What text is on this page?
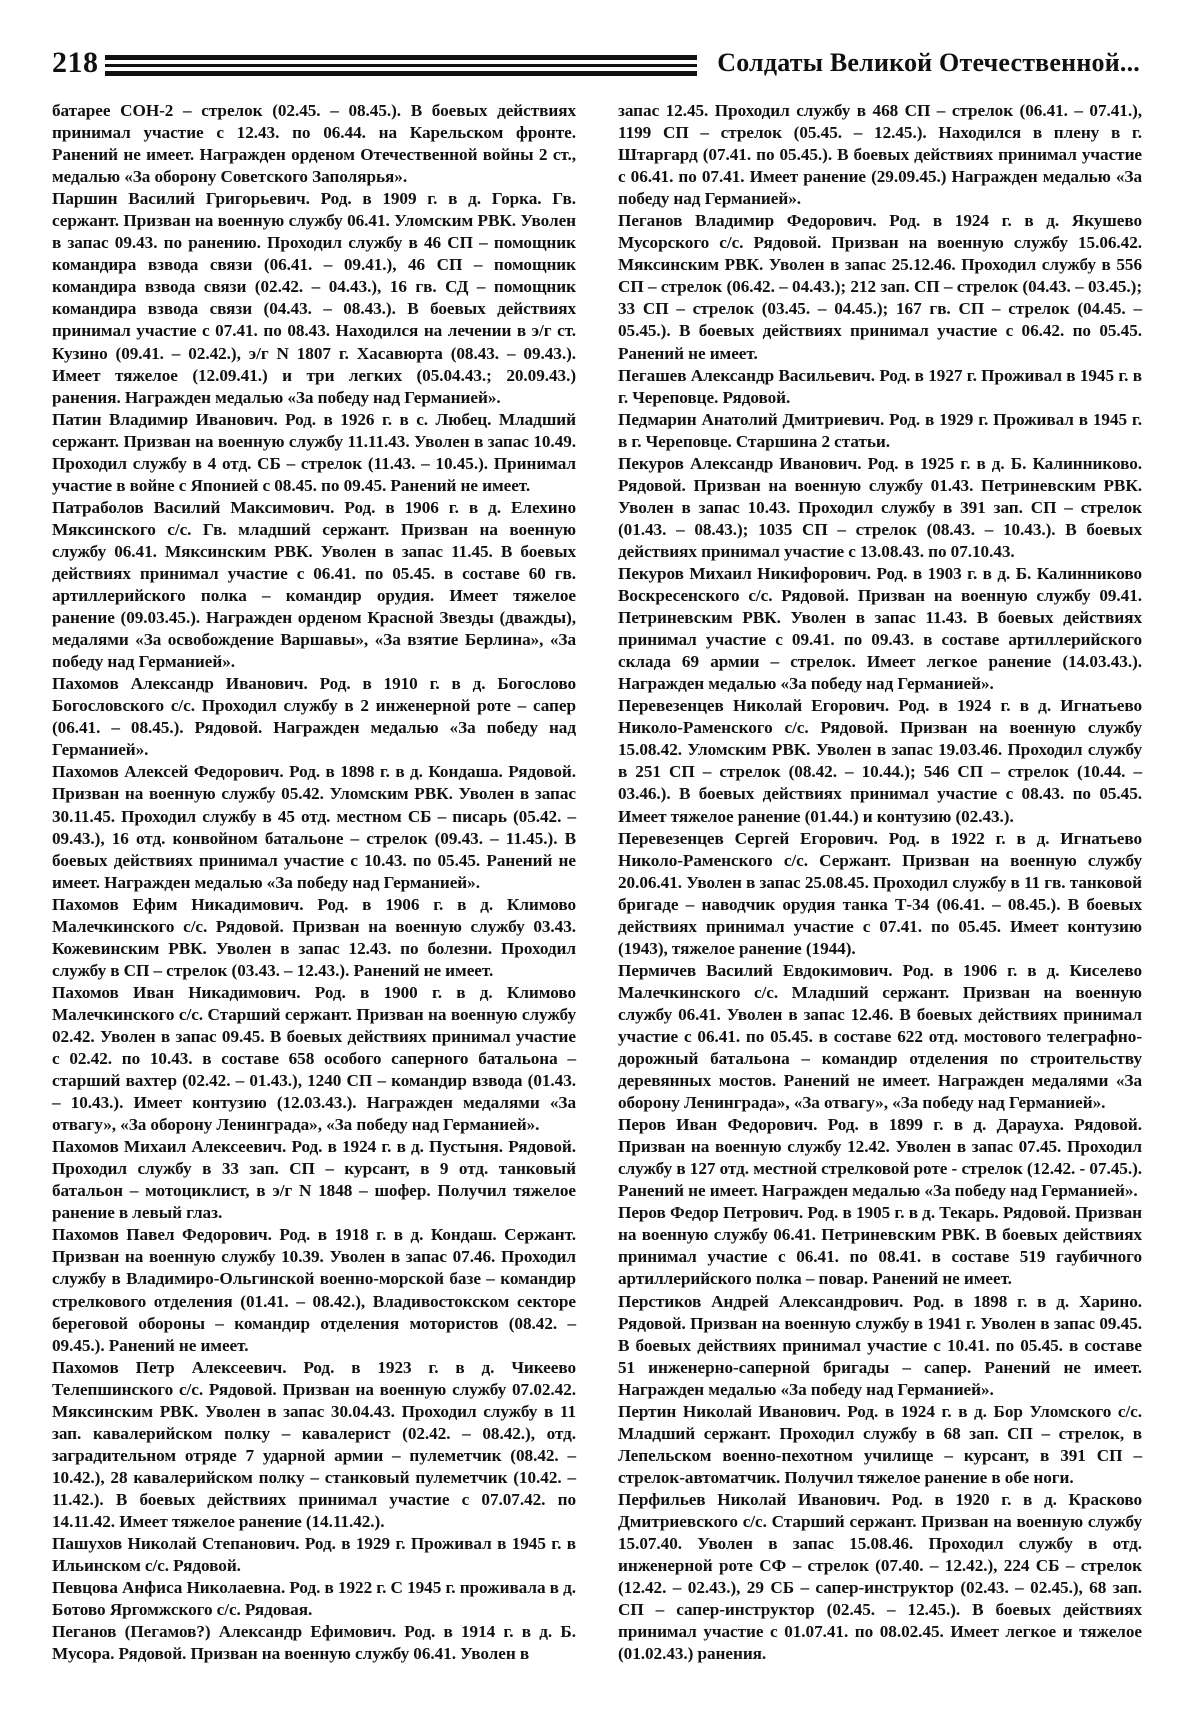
218	Солдаты Великой Отечественной...

батарее СОН-2 – стрелок (02.45. – 08.45.). В боевых действиях принимал участие с 12.43. по 06.44. на Карельском фронте. Ранений не имеет. Награжден орденом Отечественной войны 2 ст., медалью «За оборону Советского Заполярья».

Паршин Василий Григорьевич. Род. в 1909 г. в д. Горка. Гв. сержант. Призван на военную службу 06.41. Уломским РВК. Уволен в запас 09.43. по ранению. Проходил службу в 46 СП – помощник командира взвода связи (06.41. – 09.41.), 46 СП – помощник командира взвода связи (02.42. – 04.43.), 16 гв. СД – помощник командира взвода связи (04.43. – 08.43.). В боевых действиях принимал участие с 07.41. по 08.43. Находился на лечении в э/г ст. Кузино (09.41. – 02.42.), э/г N 1807 г. Хасавюрта (08.43. – 09.43.). Имеет тяжелое (12.09.41.) и три легких (05.04.43.; 20.09.43.) ранения. Награжден медалью «За победу над Германией».

Патин Владимир Иванович. Род. в 1926 г. в с. Любец. Младший сержант. Призван на военную службу 11.11.43. Уволен в запас 10.49. Проходил службу в 4 отд. СБ – стрелок (11.43. – 10.45.). Принимал участие в войне с Японией с 08.45. по 09.45. Ранений не имеет.

Патраболов Василий Максимович. Род. в 1906 г. в д. Елехино Мяксинского с/с. Гв. младший сержант. Призван на военную службу 06.41. Мяксинским РВК. Уволен в запас 11.45. В боевых действиях принимал участие с 06.41. по 05.45. в составе 60 гв. артиллерийского полка – командир орудия. Имеет тяжелое ранение (09.03.45.). Награжден орденом Красной Звезды (дважды), медалями «За освобождение Варшавы», «За взятие Берлина», «За победу над Германией».

Пахомов Александр Иванович. Род. в 1910 г. в д. Богослово Богословского с/с. Проходил службу в 2 инженерной роте – сапер (06.41. – 08.45.). Рядовой. Награжден медалью «За победу над Германией».

Пахомов Алексей Федорович. Род. в 1898 г. в д. Кондаша. Рядовой. Призван на военную службу 05.42. Уломским РВК. Уволен в запас 30.11.45. Проходил службу в 45 отд. местном СБ – писарь (05.42. – 09.43.), 16 отд. конвойном батальоне – стрелок (09.43. – 11.45.). В боевых действиях принимал участие с 10.43. по 05.45. Ранений не имеет. Награжден медалью «За победу над Германией».

Пахомов Ефим Никадимович. Род. в 1906 г. в д. Климово Малечкинского с/с. Рядовой. Призван на военную службу 03.43. Кожевинским РВК. Уволен в запас 12.43. по болезни. Проходил службу в СП – стрелок (03.43. – 12.43.). Ранений не имеет.

Пахомов Иван Никадимович. Род. в 1900 г. в д. Климово Малечкинского с/с. Старший сержант. Призван на военную службу 02.42. Уволен в запас 09.45. В боевых действиях принимал участие с 02.42. по 10.43. в составе 658 особого саперного батальона – старший вахтер (02.42. – 01.43.), 1240 СП – командир взвода (01.43. – 10.43.). Имеет контузию (12.03.43.). Награжден медалями «За отвагу», «За оборону Ленинграда», «За победу над Германией».

Пахомов Михаил Алексеевич. Род. в 1924 г. в д. Пустыня. Рядовой. Проходил службу в 33 зап. СП – курсант, в 9 отд. танковый батальон – мотоциклист, в э/г N 1848 – шофер. Получил тяжелое ранение в левый глаз.

Пахомов Павел Федорович. Род. в 1918 г. в д. Кондаш. Сержант. Призван на военную службу 10.39. Уволен в запас 07.46. Проходил службу в Владимиро-Ольгинской военно-морской базе – командир стрелкового отделения (01.41. – 08.42.), Владивостокском секторе береговой обороны – командир отделения мотористов (08.42. – 09.45.). Ранений не имеет.

Пахомов Петр Алексеевич. Род. в 1923 г. в д. Чикеево Телепшинского с/с. Рядовой. Призван на военную службу 07.02.42. Мяксинским РВК. Уволен в запас 30.04.43. Проходил службу в 11 зап. кавалерийском полку – кавалерист (02.42. – 08.42.), отд. заградительном отряде 7 ударной армии – пулеметчик (08.42. – 10.42.), 28 кавалерийском полку – станковый пулеметчик (10.42. – 11.42.). В боевых действиях принимал участие с 07.07.42. по 14.11.42. Имеет тяжелое ранение (14.11.42.).

Пашухов Николай Степанович. Род. в 1929 г. Проживал в 1945 г. в Ильинском с/с. Рядовой.

Певцова Анфиса Николаевна. Род. в 1922 г. С 1945 г. проживала в д. Ботово Яргомжского с/с. Рядовая.

Пеганов (Пегамов?) Александр Ефимович. Род. в 1914 г. в д. Б. Мусора. Рядовой. Призван на военную службу 06.41. Уволен в

запас 12.45. Проходил службу в 468 СП – стрелок (06.41. – 07.41.), 1199 СП – стрелок (05.45. – 12.45.). Находился в плену в г. Штаргард (07.41. по 05.45.). В боевых действиях принимал участие с 06.41. по 07.41. Имеет ранение (29.09.45.) Награжден медалью «За победу над Германией».

Пеганов Владимир Федорович. Род. в 1924 г. в д. Якушево Мусорского с/с. Рядовой. Призван на военную службу 15.06.42. Мяксинским РВК. Уволен в запас 25.12.46. Проходил службу в 556 СП – стрелок (06.42. – 04.43.); 212 зап. СП – стрелок (04.43. – 03.45.); 33 СП – стрелок (03.45. – 04.45.); 167 гв. СП – стрелок (04.45. – 05.45.). В боевых действиях принимал участие с 06.42. по 05.45. Ранений не имеет.

Пегашев Александр Васильевич. Род. в 1927 г. Проживал в 1945 г. в г. Череповце. Рядовой.

Педмарин Анатолий Дмитриевич. Род. в 1929 г. Проживал в 1945 г. в г. Череповце. Старшина 2 статьи.

Пекуров Александр Иванович. Род. в 1925 г. в д. Б. Калинниково. Рядовой. Призван на военную службу 01.43. Петриневским РВК. Уволен в запас 10.43. Проходил службу в 391 зап. СП – стрелок (01.43. – 08.43.); 1035 СП – стрелок (08.43. – 10.43.). В боевых действиях принимал участие с 13.08.43. по 07.10.43.

Пекуров Михаил Никифорович. Род. в 1903 г. в д. Б. Калинниково Воскресенского с/с. Рядовой. Призван на военную службу 09.41. Петриневским РВК. Уволен в запас 11.43. В боевых действиях принимал участие с 09.41. по 09.43. в составе артиллерийского склада 69 армии – стрелок. Имеет легкое ранение (14.03.43.). Награжден медалью «За победу над Германией».

Перевезенцев Николай Егорович. Род. в 1924 г. в д. Игнатьево Николо-Раменского с/с. Рядовой. Призван на военную службу 15.08.42. Уломским РВК. Уволен в запас 19.03.46. Проходил службу в 251 СП – стрелок (08.42. – 10.44.); 546 СП – стрелок (10.44. – 03.46.). В боевых действиях принимал участие с 08.43. по 05.45. Имеет тяжелое ранение (01.44.) и контузию (02.43.).

Перевезенцев Сергей Егорович. Род. в 1922 г. в д. Игнатьево Николо-Раменского с/с. Сержант. Призван на военную службу 20.06.41. Уволен в запас 25.08.45. Проходил службу в 11 гв. танковой бригаде – наводчик орудия танка Т-34 (06.41. – 08.45.). В боевых действиях принимал участие с 07.41. по 05.45. Имеет контузию (1943), тяжелое ранение (1944).

Пермичев Василий Евдокимович. Род. в 1906 г. в д. Киселево Малечкинского с/с. Младший сержант. Призван на военную службу 06.41. Уволен в запас 12.46. В боевых действиях принимал участие с 06.41. по 05.45. в составе 622 отд. мостового телеграфно-дорожный батальона – командир отделения по строительству деревянных мостов. Ранений не имеет. Награжден медалями «За оборону Ленинграда», «За отвагу», «За победу над Германией».

Перов Иван Федорович. Род. в 1899 г. в д. Дарауха. Рядовой. Призван на военную службу 12.42. Уволен в запас 07.45. Проходил службу в 127 отд. местной стрелковой роте - стрелок (12.42. - 07.45.). Ранений не имеет. Награжден медалью «За победу над Германией».

Перов Федор Петрович. Род. в 1905 г. в д. Текарь. Рядовой. Призван на военную службу 06.41. Петриневским РВК. В боевых действиях принимал участие с 06.41. по 08.41. в составе 519 гаубичного артиллерийского полка – повар. Ранений не имеет.

Перстиков Андрей Александрович. Род. в 1898 г. в д. Харино. Рядовой. Призван на военную службу в 1941 г. Уволен в запас 09.45. В боевых действиях принимал участие с 10.41. по 05.45. в составе 51 инженерно-саперной бригады – сапер. Ранений не имеет. Награжден медалью «За победу над Германией».

Пертин Николай Иванович. Род. в 1924 г. в д. Бор Уломского с/с. Младший сержант. Проходил службу в 68 зап. СП – стрелок, в Лепельском военно-пехотном училище – курсант, в 391 СП – стрелок-автоматчик. Получил тяжелое ранение в обе ноги.

Перфильев Николай Иванович. Род. в 1920 г. в д. Красково Дмитриевского с/с. Старший сержант. Призван на военную службу 15.07.40. Уволен в запас 15.08.46. Проходил службу в отд. инженерной роте СФ – стрелок (07.40. – 12.42.), 224 СБ – стрелок (12.42. – 02.43.), 29 СБ – сапер-инструктор (02.43. – 02.45.), 68 зап. СП – сапер-инструктор (02.45. – 12.45.). В боевых действиях принимал участие с 01.07.41. по 08.02.45. Имеет легкое и тяжелое (01.02.43.) ранения.
